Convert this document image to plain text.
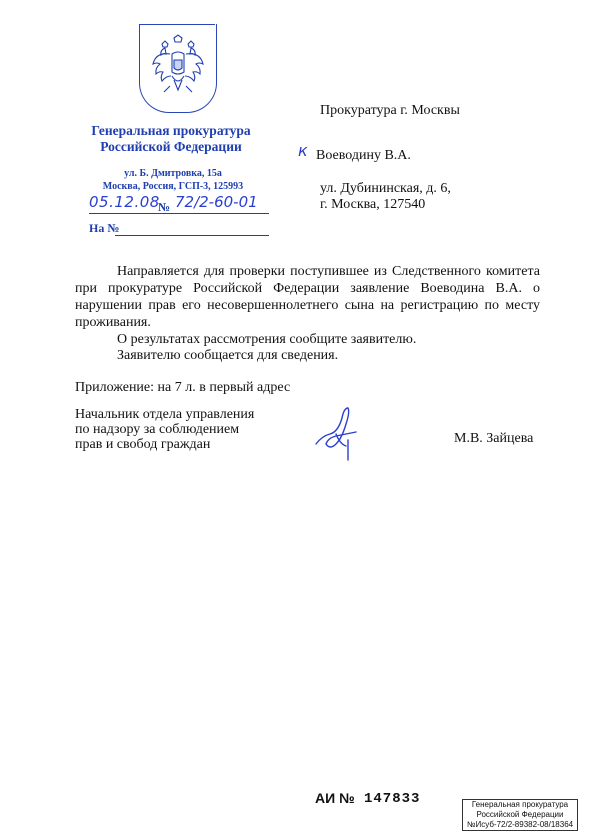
Генеральная прокуратура
Российской Федерации
ул. Б. Дмитровка, 15а
Москва, Россия, ГСП-3, 125993
05.12.08
№ 72/2-60-01
На №
Прокуратура г. Москвы
к Воеводину В.А.
ул. Дубининская, д. 6,
г. Москва, 127540
Направляется для проверки поступившее из Следственного комитета при прокуратуре Российской Федерации заявление Воеводина В.А. о нарушении прав его несовершеннолетнего сына на регистрацию по месту проживания.
О результатах рассмотрения сообщите заявителю.
Заявителю сообщается для сведения.
Приложение: на 7 л. в первый адрес
Начальник отдела управления
по надзору за соблюдением
прав и свобод граждан	М.В. Зайцева
АИ № 147833	Генеральная прокуратура
Российской Федерации
№Исуб-72/2-89382-08/18364
